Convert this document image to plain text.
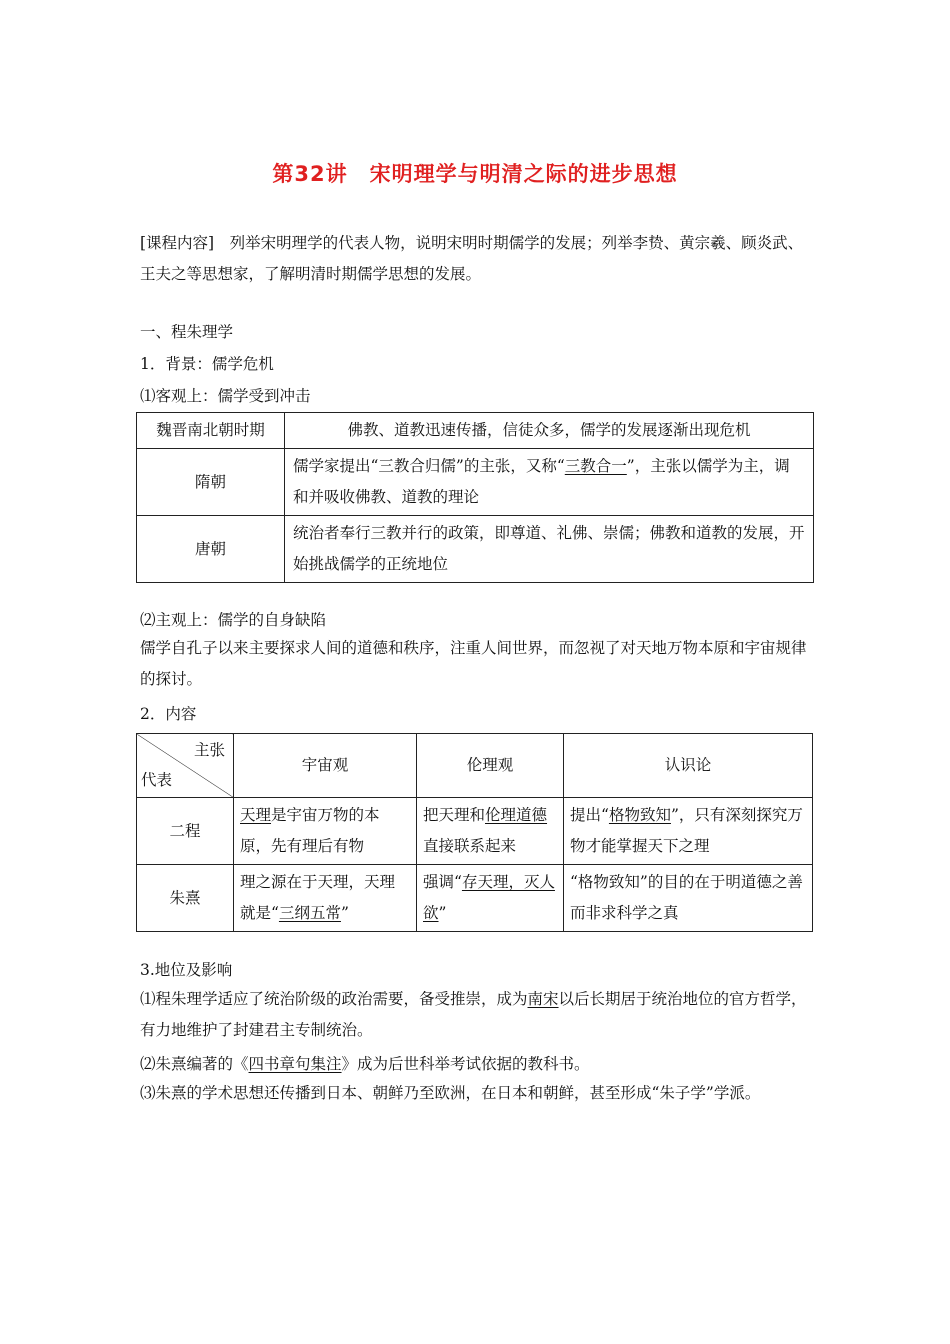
第32讲　宋明理学与明清之际的进步思想

[课程内容]　 列举宋明理学的代表人物，说明宋明时期儒学的发展；列举李贽、黄宗羲、顾炎武、王夫之等思想家，了解明清时期儒学思想的发展。

一、程朱理学

1．背景：儒学危机

⑴客观上：儒学受到冲击

魏晋南北朝时期	佛教、道教迅速传播，信徒众多，儒学的发展逐渐出现危机
隋朝	儒学家提出“三教合归儒”的主张，又称“三教合一”，主张以儒学为主，调和并吸收佛教、道教的理论
唐朝	统治者奉行三教并行的政策，即尊道、礼佛、崇儒；佛教和道教的发展，开始挑战儒学的正统地位

⑵主观上：儒学的自身缺陷

儒学自孔子以来主要探求人间的道德和秩序，注重人间世界，而忽视了对天地万物本原和宇宙规律的探讨。

2．内容

主张
代表	宇宙观	伦理观	认识论
二程	天理是宇宙万物的本原，先有理后有物	把天理和伦理道德直接联系起来	提出“格物致知”，只有深刻探究万物才能掌握天下之理
朱熹	理之源在于天理，天理就是“三纲五常”	强调“存天理，灭人欲”	“格物致知”的目的在于明道德之善而非求科学之真

3.地位及影响

⑴程朱理学适应了统治阶级的政治需要，备受推崇，成为南宋以后长期居于统治地位的官方哲学，有力地维护了封建君主专制统治。

⑵朱熹编著的《四书章句集注》成为后世科举考试依据的教科书。

⑶朱熹的学术思想还传播到日本、朝鲜乃至欧洲，在日本和朝鲜，甚至形成“朱子学”学派。
